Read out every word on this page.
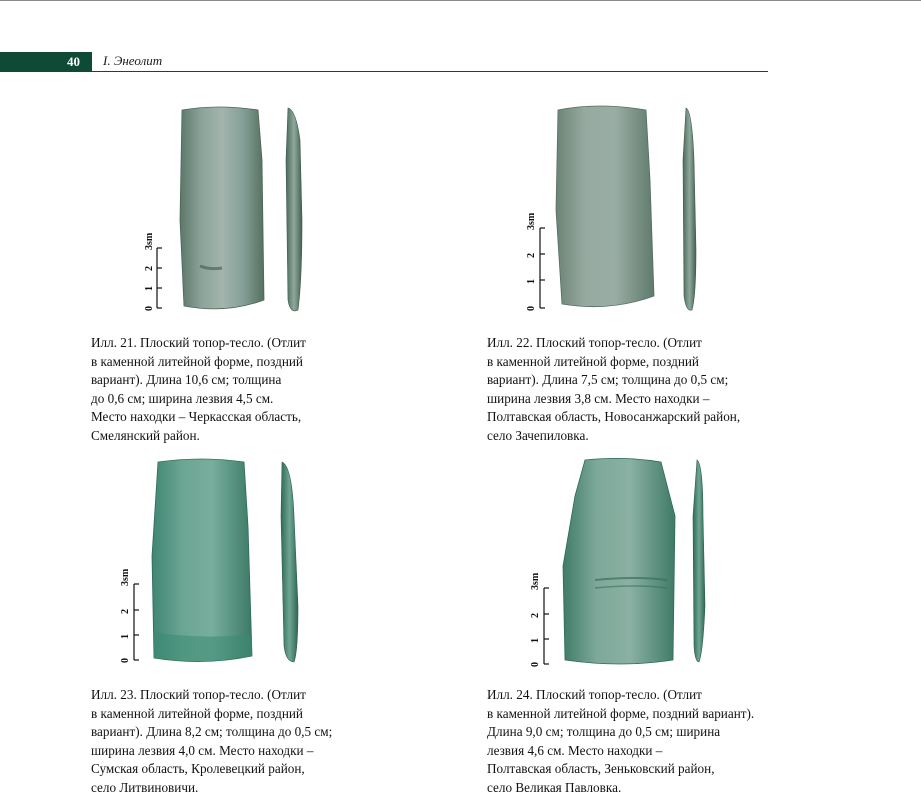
40	I. Энеолит
0
1
2
3sm
Илл. 21. Плоский топор-тесло. (Отлит
в каменной литейной форме, поздний
вариант). Длина 10,6 см; толщина
до 0,6 см; ширина лезвия 4,5 см.
Место находки – Черкасская область,
Смелянский район.
0
1
2
3sm
Илл. 22. Плоский топор-тесло. (Отлит
в каменной литейной форме, поздний
вариант). Длина 7,5 см; толщина до 0,5 см;
ширина лезвия 3,8 см. Место находки –
Полтавская область, Новосанжарский район,
село Зачепиловка.
0
1
2
3sm
Илл. 23. Плоский топор-тесло. (Отлит
в каменной литейной форме, поздний
вариант). Длина 8,2 см; толщина до 0,5 см;
ширина лезвия 4,0 см. Место находки –
Сумская область, Кролевецкий район,
село Литвиновичи.
0
1
2
3sm
Илл. 24. Плоский топор-тесло. (Отлит
в каменной литейной форме, поздний вариант).
Длина 9,0 см; толщина до 0,5 см; ширина
лезвия 4,6 см. Место находки –
Полтавская область, Зеньковский район,
село Великая Павловка.
